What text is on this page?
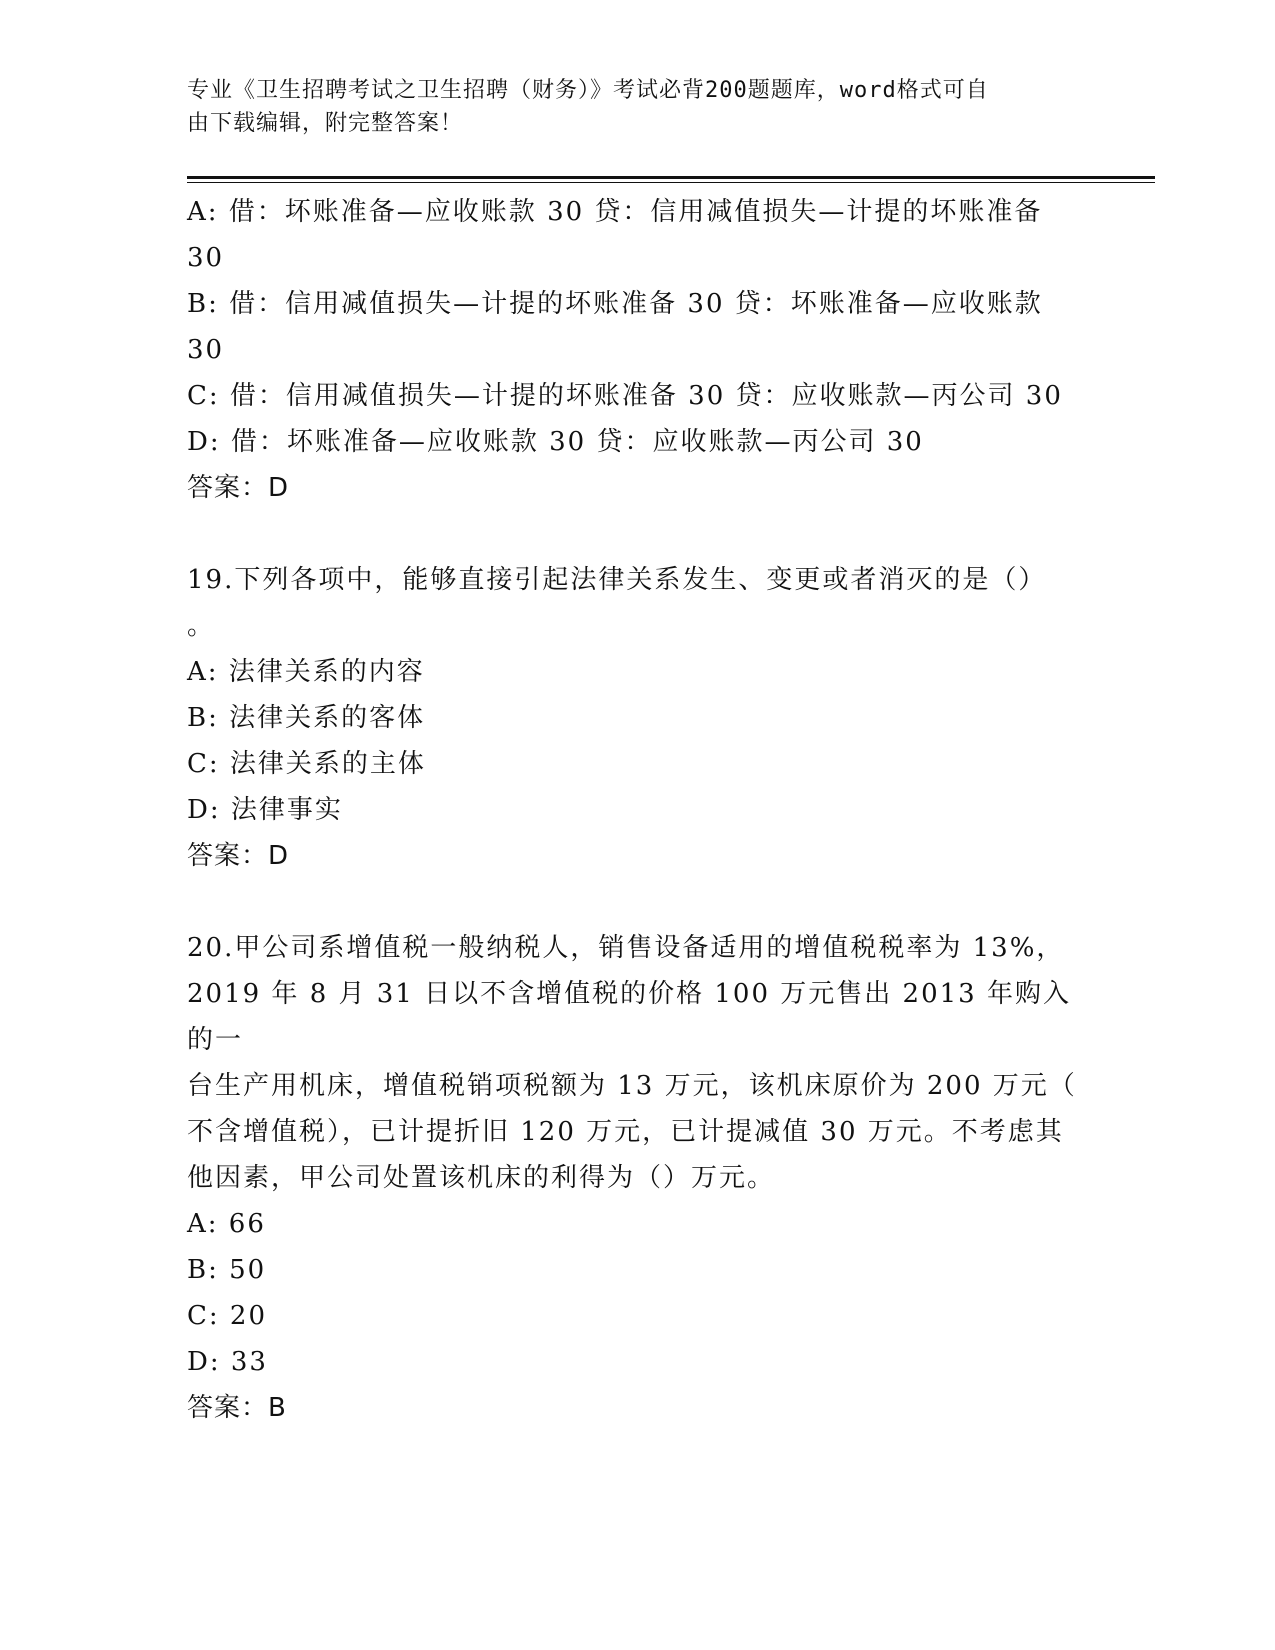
专业《卫生招聘考试之卫生招聘（财务）》考试必背200题题库，word格式可自
由下载编辑，附完整答案！

A: 借：坏账准备—应收账款 30 贷：信用减值损失—计提的坏账准备

30

B: 借：信用减值损失—计提的坏账准备 30 贷：坏账准备—应收账款

30

C: 借：信用减值损失—计提的坏账准备 30 贷：应收账款—丙公司 30

D: 借：坏账准备—应收账款 30 贷：应收账款—丙公司 30

答案：D

19.下列各项中，能够直接引起法律关系发生、变更或者消灭的是（）

。

A: 法律关系的内容

B: 法律关系的客体

C: 法律关系的主体

D: 法律事实

答案：D

20.甲公司系增值税一般纳税人，销售设备适用的增值税税率为 13%，

2019 年 8 月 31 日以不含增值税的价格 100 万元售出 2013 年购入的一

台生产用机床，增值税销项税额为 13 万元，该机床原价为 200 万元（

不含增值税），已计提折旧 120 万元，已计提减值 30 万元。不考虑其

他因素，甲公司处置该机床的利得为（）万元。

A: 66

B: 50

C: 20

D: 33

答案：B
